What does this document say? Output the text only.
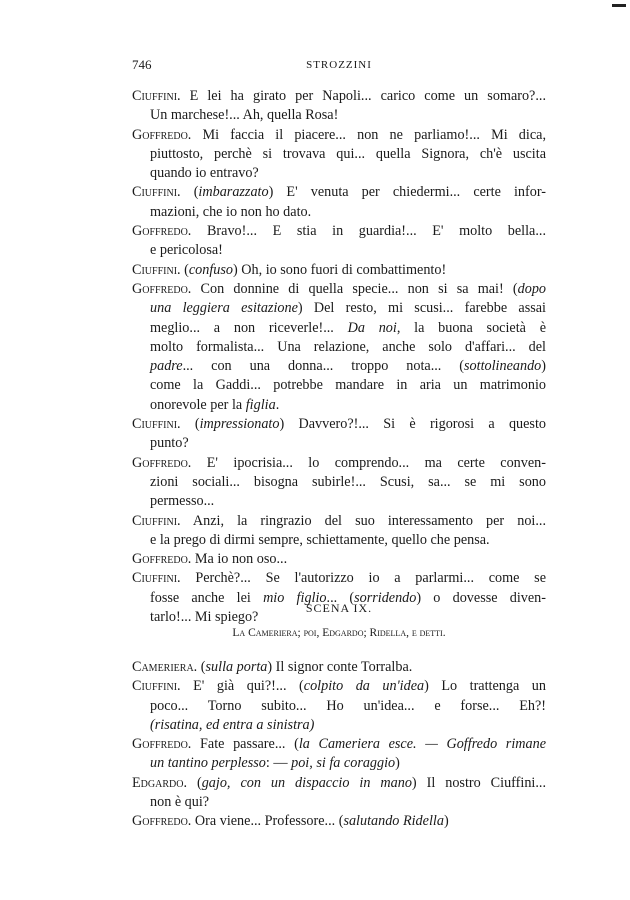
746	STROZZINI
Ciuffini. E lei ha girato per Napoli... carico come un somaro?...
Un marchese!... Ah, quella Rosa!
Goffredo. Mi faccia il piacere... non ne parliamo!... Mi dica,
piuttosto, perchè si trovava qui... quella Signora, ch'è uscita
quando io entravo?
Ciuffini. (imbarazzato) E' venuta per chiedermi... certe infor-
mazioni, che io non ho dato.
Goffredo. Bravo!... E stia in guardia!... E' molto bella...
e pericolosa!
Ciuffini. (confuso) Oh, io sono fuori di combattimento!
Goffredo. Con donnine di quella specie... non si sa mai! (dopo
una leggiera esitazione) Del resto, mi scusi... farebbe assai
meglio... a non riceverle!... Da noi, la buona società è
molto formalista... Una relazione, anche solo d'affari... del
padre... con una donna... troppo nota... (sottolineando)
come la Gaddi... potrebbe mandare in aria un matrimonio
onorevole per la figlia.
Ciuffini. (impressionato) Davvero?!... Si è rigorosi a questo
punto?
Goffredo. E' ipocrisia... lo comprendo... ma certe conven-
zioni sociali... bisogna subirle!... Scusi, sa... se mi sono
permesso...
Ciuffini. Anzi, la ringrazio del suo interessamento per noi...
e la prego di dirmi sempre, schiettamente, quello che pensa.
Goffredo. Ma io non oso...
Ciuffini. Perchè?... Se l'autorizzo io a parlarmi... come se
fosse anche lei mio figlio... (sorridendo) o dovesse diven-
tarlo!... Mi spiego?
SCENA IX.
La Cameriera; poi, Edgardo; Ridella, e detti.
Cameriera. (sulla porta) Il signor conte Torralba.
Ciuffini. E' già qui?!... (colpito da un'idea) Lo trattenga un
poco... Torno subito... Ho un'idea... e forse... Eh?!
(risatina, ed entra a sinistra)
Goffredo. Fate passare... (la Cameriera esce. — Goffredo rimane
un tantino perplesso: — poi, si fa coraggio)
Edgardo. (gajo, con un dispaccio in mano) Il nostro Ciuffini...
non è qui?
Goffredo. Ora viene... Professore... (salutando Ridella)
